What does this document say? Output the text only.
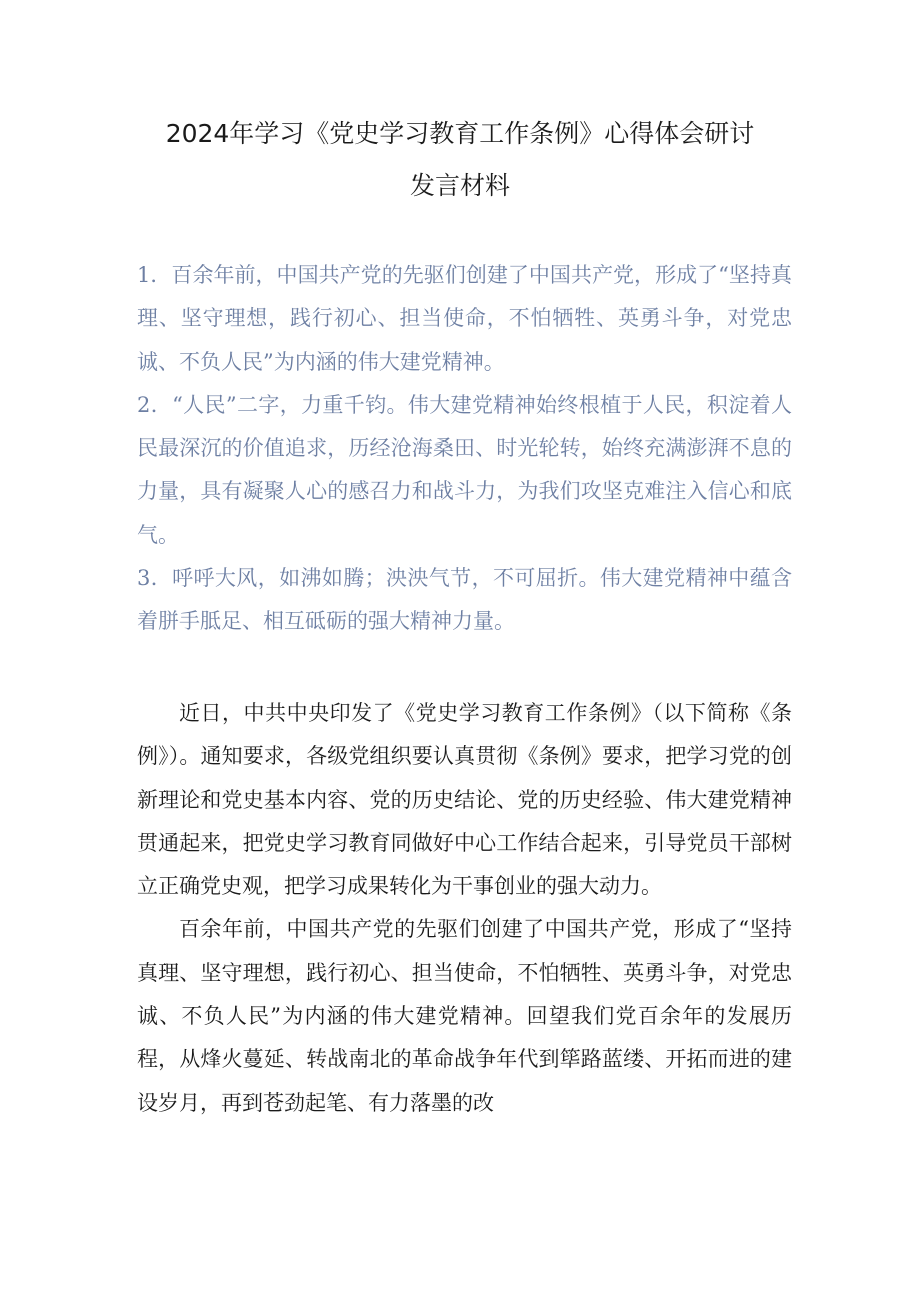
2024年学习《党史学习教育工作条例》心得体会研讨
发言材料

1．百余年前，中国共产党的先驱们创建了中国共产党，形成了“坚持真理、坚守理想，践行初心、担当使命，不怕牺牲、英勇斗争，对党忠诚、不负人民”为内涵的伟大建党精神。

2．“人民”二字，力重千钧。伟大建党精神始终根植于人民，积淀着人民最深沉的价值追求，历经沧海桑田、时光轮转，始终充满澎湃不息的力量，具有凝聚人心的感召力和战斗力，为我们攻坚克难注入信心和底气。

3．呼呼大风，如沸如腾；泱泱气节，不可屈折。伟大建党精神中蕴含着胼手胝足、相互砥砺的强大精神力量。

近日，中共中央印发了《党史学习教育工作条例》（以下简称《条例》）。通知要求，各级党组织要认真贯彻《条例》要求，把学习党的创新理论和党史基本内容、党的历史结论、党的历史经验、伟大建党精神贯通起来，把党史学习教育同做好中心工作结合起来，引导党员干部树立正确党史观，把学习成果转化为干事创业的强大动力。

百余年前，中国共产党的先驱们创建了中国共产党，形成了“坚持真理、坚守理想，践行初心、担当使命，不怕牺牲、英勇斗争，对党忠诚、不负人民”为内涵的伟大建党精神。回望我们党百余年的发展历程，从烽火蔓延、转战南北的革命战争年代到筚路蓝缕、开拓而进的建设岁月，再到苍劲起笔、有力落墨的改
